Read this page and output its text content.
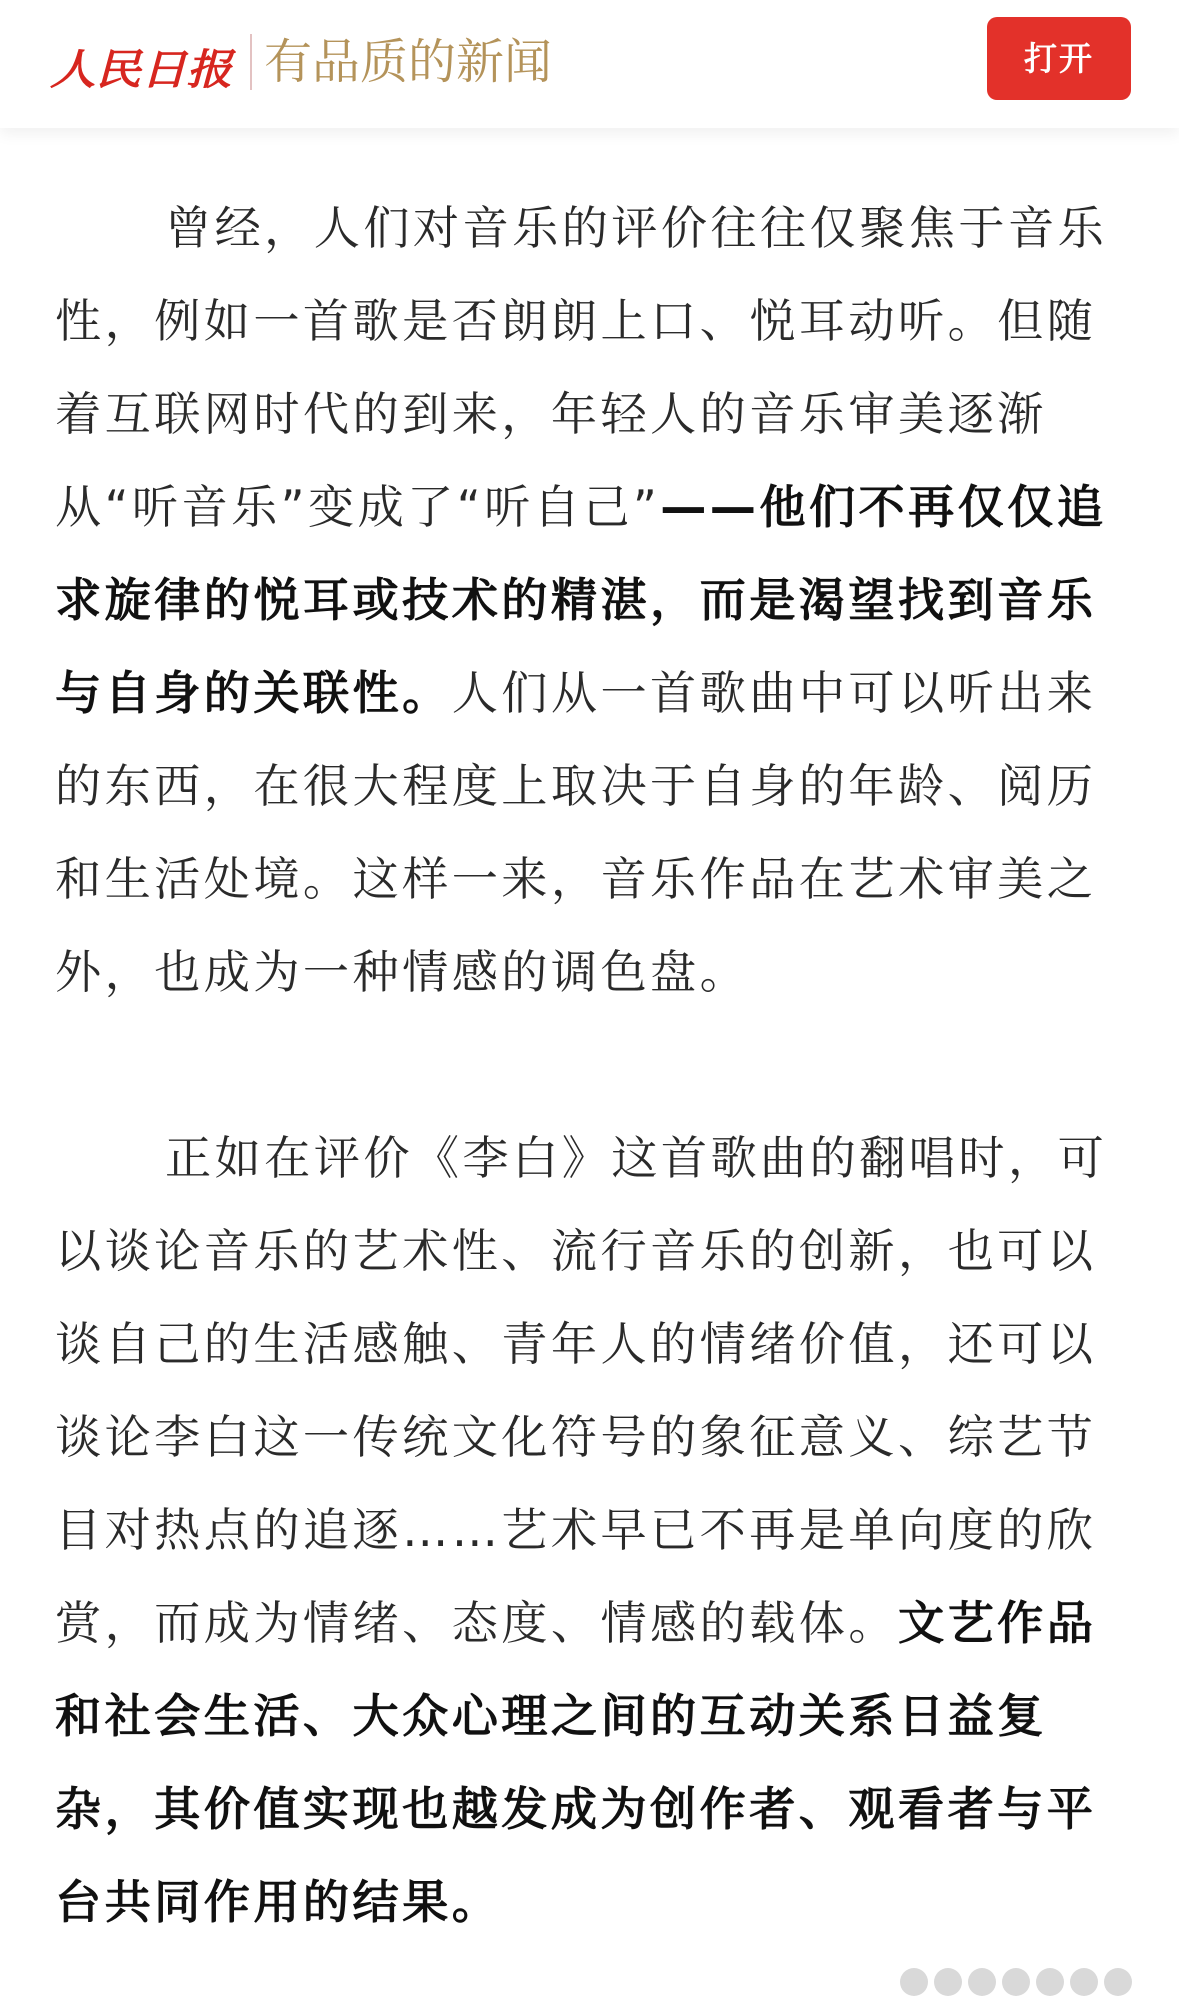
人民日报 有品质的新闻	打开

曾经，人们对音乐的评价往往仅聚焦于音乐性，例如一首歌是否朗朗上口、悦耳动听。但随着互联网时代的到来，年轻人的音乐审美逐渐从“听音乐”变成了“听自己”——他们不再仅仅追求旋律的悦耳或技术的精湛，而是渴望找到音乐与自身的关联性。人们从一首歌曲中可以听出来的东西，在很大程度上取决于自身的年龄、阅历和生活处境。这样一来，音乐作品在艺术审美之外，也成为一种情感的调色盘。

正如在评价《李白》这首歌曲的翻唱时，可以谈论音乐的艺术性、流行音乐的创新，也可以谈自己的生活感触、青年人的情绪价值，还可以谈论李白这一传统文化符号的象征意义、综艺节目对热点的追逐……艺术早已不再是单向度的欣赏，而成为情绪、态度、情感的载体。文艺作品和社会生活、大众心理之间的互动关系日益复杂，其价值实现也越发成为创作者、观看者与平台共同作用的结果。
